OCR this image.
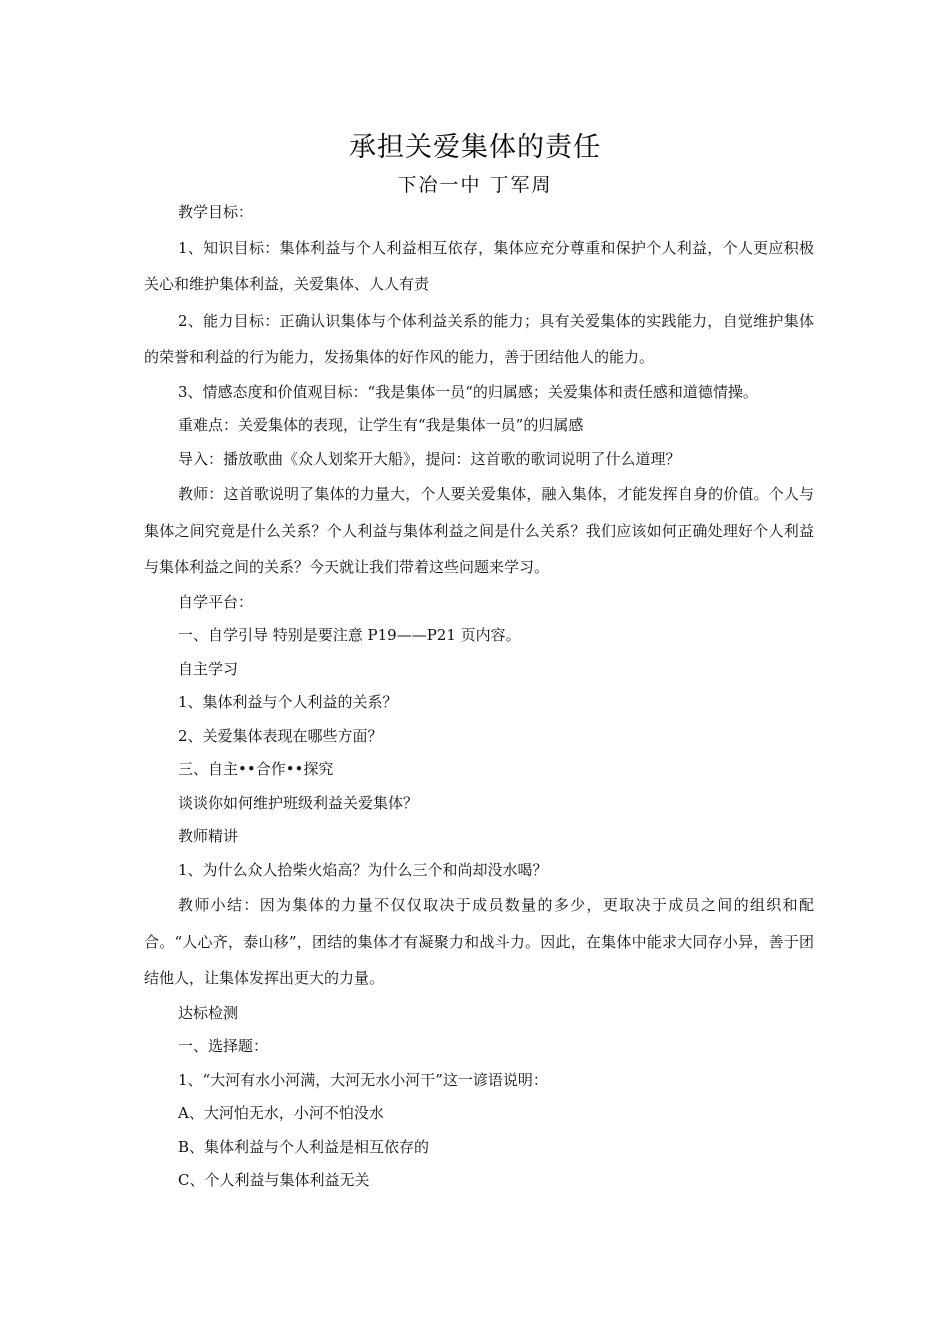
承担关爱集体的责任
下冶一中 丁军周

教学目标：

1、知识目标：集体利益与个人利益相互依存，集体应充分尊重和保护个人利益，个人更应积极关心和维护集体利益，关爱集体、人人有责

2、能力目标：正确认识集体与个体利益关系的能力；具有关爱集体的实践能力，自觉维护集体的荣誉和利益的行为能力，发扬集体的好作风的能力，善于团结他人的能力。

3、情感态度和价值观目标：“我是集体一员“的归属感；关爱集体和责任感和道德情操。

重难点：关爱集体的表现，让学生有“我是集体一员”的归属感

导入：播放歌曲《众人划桨开大船》，提问：这首歌的歌词说明了什么道理？

教师：这首歌说明了集体的力量大，个人要关爱集体，融入集体，才能发挥自身的价值。个人与集体之间究竟是什么关系？个人利益与集体利益之间是什么关系？我们应该如何正确处理好个人利益与集体利益之间的关系？今天就让我们带着这些问题来学习。

自学平台：

一、自学引导 特别是要注意 P19——P21 页内容。

自主学习

1、集体利益与个人利益的关系？

2、关爱集体表现在哪些方面？

三、自主••合作••探究

谈谈你如何维护班级利益关爱集体？

教师精讲

1、为什么众人拾柴火焰高？为什么三个和尚却没水喝？

教师小结：因为集体的力量不仅仅取决于成员数量的多少，更取决于成员之间的组织和配合。“人心齐，泰山移”，团结的集体才有凝聚力和战斗力。因此，在集体中能求大同存小异，善于团结他人，让集体发挥出更大的力量。

达标检测

一、选择题：

1、“大河有水小河满，大河无水小河干”这一谚语说明：

A、大河怕无水，小河不怕没水

B、集体利益与个人利益是相互依存的

C、个人利益与集体利益无关
